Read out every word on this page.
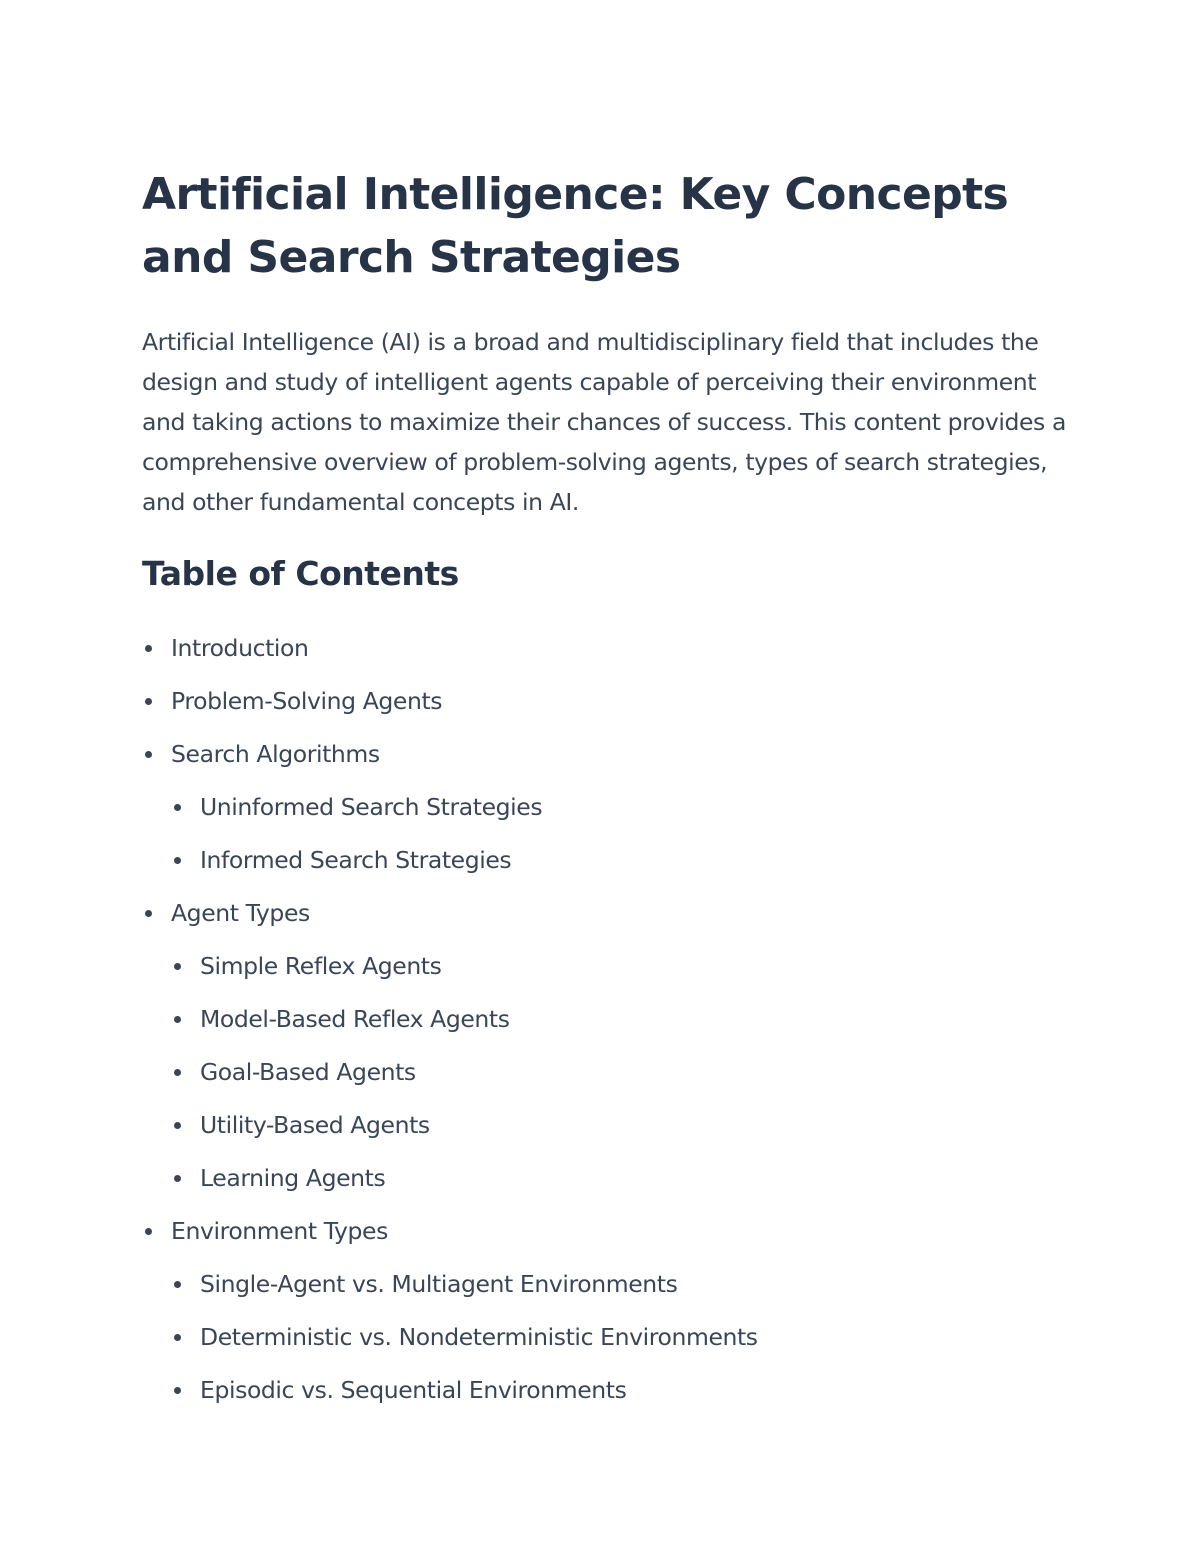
Artificial Intelligence: Key Concepts and Search Strategies

Artificial Intelligence (AI) is a broad and multidisciplinary field that includes the design and study of intelligent agents capable of perceiving their environment and taking actions to maximize their chances of success. This content provides a comprehensive overview of problem-solving agents, types of search strategies, and other fundamental concepts in AI.

Table of Contents
Introduction
Problem-Solving Agents
Search Algorithms
Uninformed Search Strategies
Informed Search Strategies
Agent Types
Simple Reflex Agents
Model-Based Reflex Agents
Goal-Based Agents
Utility-Based Agents
Learning Agents
Environment Types
Single-Agent vs. Multiagent Environments
Deterministic vs. Nondeterministic Environments
Episodic vs. Sequential Environments
